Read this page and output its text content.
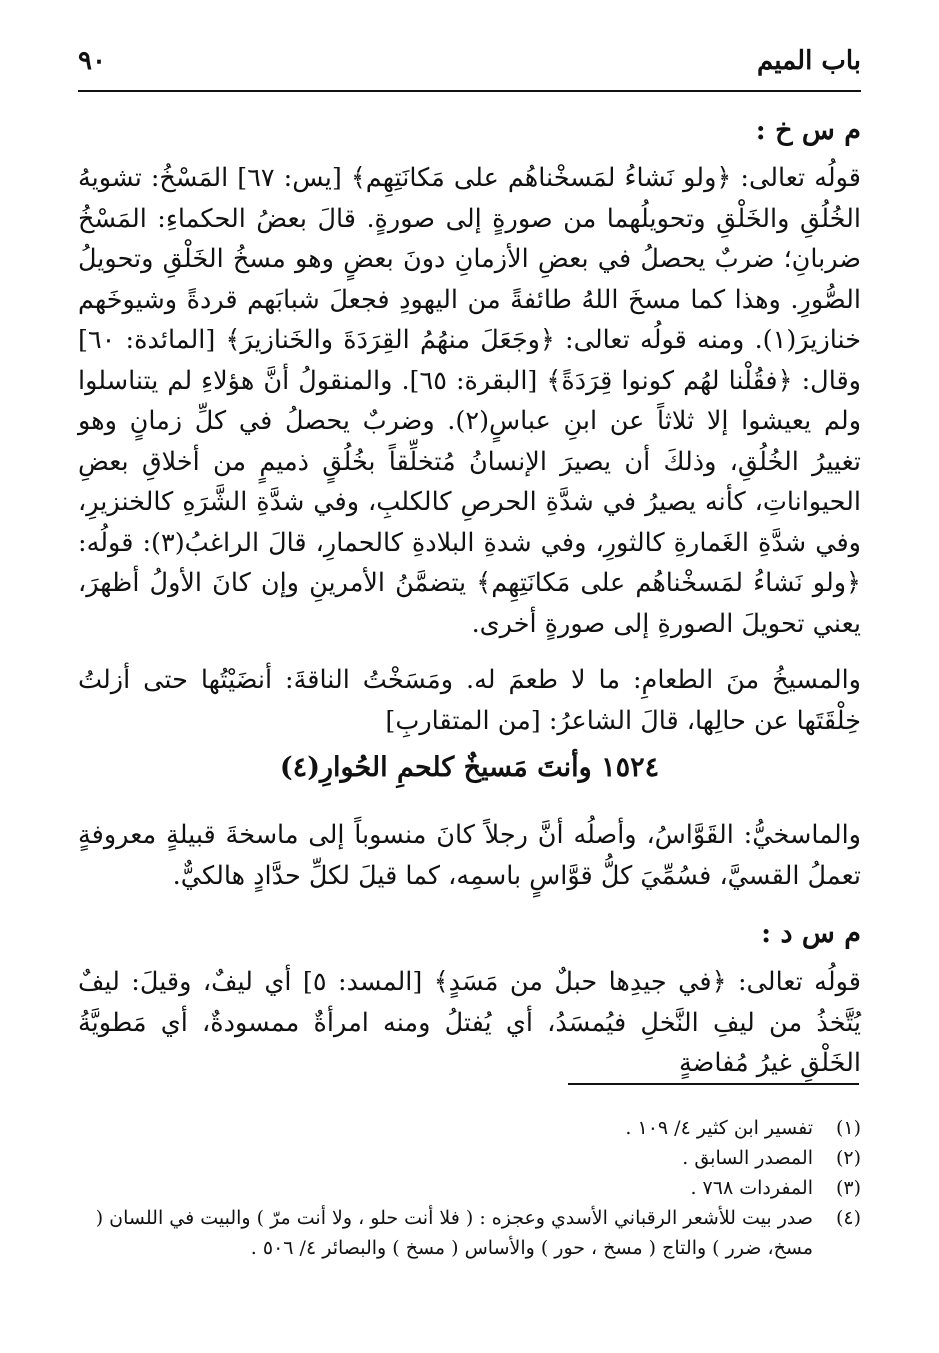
باب الميم
٩٠
م س خ :
قولُه تعالى: ﴿ولو نَشاءُ لمَسخْناهُم على مَكانَتِهِم﴾ [يس: ٦٧] المَسْخُ: تشويهُ الخُلُقِ والخَلْقِ وتحويلُهما من صورةٍ إلى صورةٍ. قالَ بعضُ الحكماءِ: المَسْخُ ضربانِ؛ ضربٌ يحصلُ في بعضِ الأزمانِ دونَ بعضٍ وهو مسخُ الخَلْقِ وتحويلُ الصُّورِ. وهذا كما مسخَ اللهُ طائفةً من اليهودِ فجعلَ شبابَهم قردةً وشيوخَهم خنازيرَ(١). ومنه قولُه تعالى: ﴿وجَعَلَ منهُمُ القِرَدَةَ والخَنازيرَ﴾ [المائدة: ٦٠] وقال: ﴿فقُلْنا لهُم كونوا قِرَدَةً﴾ [البقرة: ٦٥]. والمنقولُ أنَّ هؤلاءِ لم يتناسلوا ولم يعيشوا إلا ثلاثاً عن ابنِ عباسٍ(٢). وضربٌ يحصلُ في كلِّ زمانٍ وهو تغييرُ الخُلُقِ، وذلكَ أن يصيرَ الإنسانُ مُتخلِّقاً بخُلُقٍ ذميمٍ من أخلاقِ بعضِ الحيواناتِ، كأنه يصيرُ في شدَّةِ الحرصِ كالكلبِ، وفي شدَّةِ الشَّرَهِ كالخنزيرِ، وفي شدَّةِ الغَمارةِ كالثورِ، وفي شدةِ البلادةِ كالحمارِ، قالَ الراغبُ(٣): قولُه: ﴿ولو نَشاءُ لمَسخْناهُم على مَكانَتِهِم﴾ يتضمَّنُ الأمرينِ وإن كانَ الأولُ أظهرَ، يعني تحويلَ الصورةِ إلى صورةٍ أخرى.
والمسيخُ منَ الطعامِ: ما لا طعمَ له. ومَسَخْتُ الناقةَ: أنضَيْتُها حتى أزلتُ خِلْقَتَها عن حالِها، قالَ الشاعرُ: [من المتقاربِ]
١٥٢٤ وأنتَ مَسيخٌ كلحمِ الحُوارِ(٤)
والماسخيُّ: القَوَّاسُ، وأصلُه أنَّ رجلاً كانَ منسوباً إلى ماسخةَ قبيلةٍ معروفةٍ تعملُ القسيَّ، فسُمِّيَ كلُّ قوَّاسٍ باسمِه، كما قيلَ لكلِّ حدَّادٍ هالكيٌّ.
م س د :
قولُه تعالى: ﴿في جيدِها حبلٌ من مَسَدٍ﴾ [المسد: ٥] أي ليفٌ، وقيلَ: ليفٌ يُتَّخذُ من ليفِ النَّخلِ فيُمسَدُ، أي يُفتلُ ومنه امرأةٌ ممسودةٌ، أي مَطويَّةُ الخَلْقِ غيرُ مُفاضةٍ
(١)
تفسير ابن كثير ٤/ ١٠٩ .
(٢)
المصدر السابق .
(٣)
المفردات ٧٦٨ .
(٤)
صدر بيت للأشعر الرقباني الأسدي وعجزه : ( فلا أنت حلو ، ولا أنت مرّ ) والبيت في اللسان ( مسخ، ضرر ) والتاج ( مسخ ، حور ) والأساس ( مسخ ) والبصائر ٤/ ٥٠٦ .
